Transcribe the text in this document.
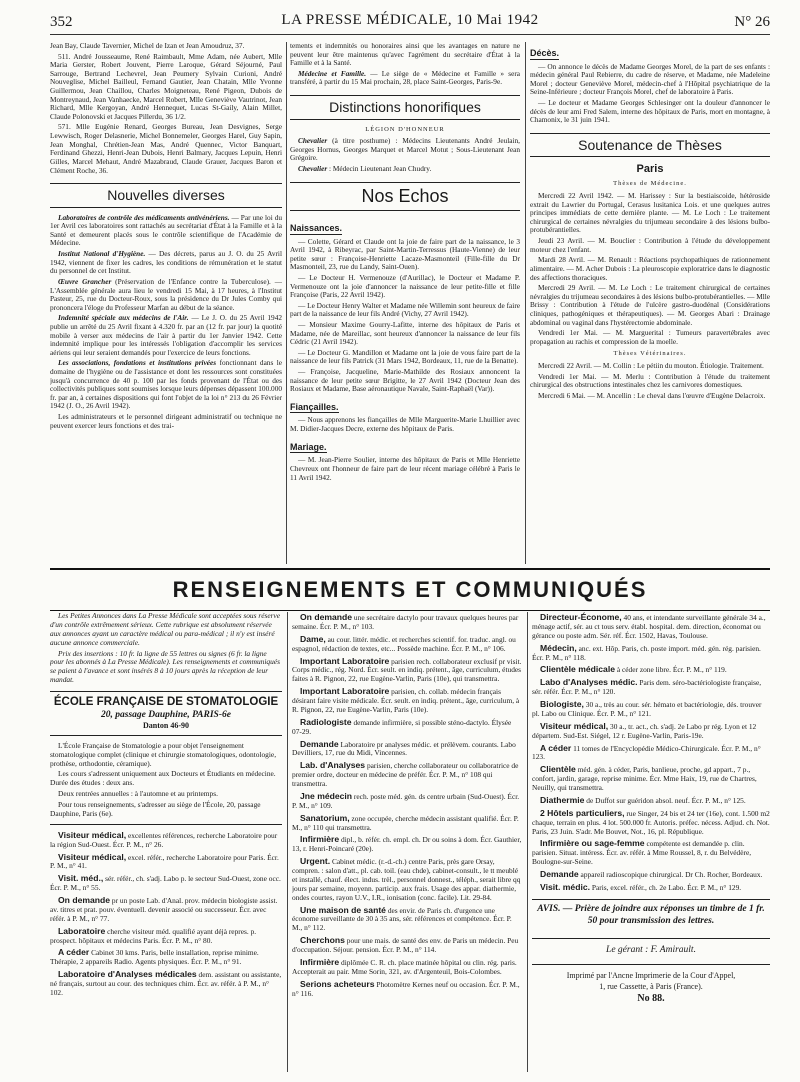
352	LA PRESSE MÉDICALE, 10 Mai 1942	N° 26

Jean Bay, Claude Tavernier, Michel de Izan et Jean Amoudruz, 37.

511. André Jousseaume, René Raimbault, Mme Adam, née Aubert, Mlle Maria Gerster, Robert Jouvent, Pierre Laroque, Gérard Séjourné, Paul Sarrouge, Bertrand Lechevrel, Jean Peumery Sylvain Curioni, André Nouveglise, Michel Bailleul, Fernand Gautier, Jean Chatain, Mlle Yvonne Guillermou, Jean Chaillou, Charles Moigneteau, René Pigeon, Dubois de Montreynaud, Jean Vanhaecke, Marcel Robert, Mlle Geneviève Vautrinot, Jean Richard, Mlle Kergoyan, André Hennequet, Lucas St-Gaily, Alain Millet, Claude Polonovski et Jacques Pillerdu, 36 1/2.

571. Mlle Eugénie Renard, Georges Bureau, Jean Desvignes, Serge Lewwisch, Roger Delasnerie, Michel Bonnemeler, Georges Harel, Guy Sapin, Jean Monghal, Chrétien-Jean Mas, André Quennec, Victor Banquart, Ferdinand Ghezzi, Henri-Jean Dubois, Henri Balmary, Jacques Lepuin, Henri Gilles, Marcel Mehaut, André Mazabraud, Claude Grauer, Jacques Baron et Clément Roche, 36.

Nouvelles diverses

Laboratoires de contrôle des médicaments antivénériens. — Par une loi du 1er Avril ces laboratoires sont rattachés au secrétariat d'État à la Famille et à la Santé et demeurent placés sous le contrôle scientifique de l'Académie de Médecine.

Institut National d'Hygiène. — Des décrets, parus au J. O. du 25 Avril 1942, viennent de fixer les cadres, les conditions de rémunération et le statut du personnel de cet Institut.

Œuvre Grancher (Préservation de l'Enfance contre la Tuberculose). — L'Assemblée générale aura lieu le vendredi 15 Mai, à 17 heures, à l'Institut Pasteur, 25, rue du Docteur-Roux, sous la présidence du Dr Jules Comby qui prononcera l'éloge du Professeur Marfan au début de la séance.

Indemnité spéciale aux médecins de l'Air. — Le J. O. du 25 Avril 1942 publie un arrêté du 25 Avril fixant à 4.320 fr. par an (12 fr. par jour) la quotité mobile à verser aux médecins de l'air à partir du 1er Janvier 1942. Cette indemnité implique pour les intéressés l'obligation d'accomplir les services aériens qui leur seraient demandés pour l'exercice de leurs fonctions.

Les associations, fondations et institutions privées fonctionnant dans le domaine de l'hygiène ou de l'assistance et dont les ressources sont constituées jusqu'à concurrence de 40 p. 100 par les fonds provenant de l'État ou des collectivités publiques sont soumises lorsque leurs dépenses dépassent 100.000 fr. par an, à certaines dispositions qui font l'objet de la loi n° 213 du 26 Février 1942 (J. O., 26 Avril 1942).

Les administrateurs et le personnel dirigeant administratif ou technique ne peuvent exercer leurs fonctions et des trai-

tements et indemnités ou honoraires ainsi que les avantages en nature ne peuvent leur être maintenus qu'avec l'agrément du secrétaire d'État à la Famille et à la Santé.

Médecine et Famille. — Le siège de « Médecine et Famille » sera transféré, à partir du 15 Mai prochain, 28, place Saint-Georges, Paris-9e.

Distinctions honorifiques
LÉGION D'HONNEUR

Chevalier (à titre posthume) : Médecins Lieutenants André Jeulain, Georges Hornus, Georges Marquet et Marcel Motut ; Sous-Lieutenant Jean Grégoire.

Chevalier : Médecin Lieutenant Jean Chudry.

Nos Echos
Naissances.

— Colette, Gérard et Claude ont la joie de faire part de la naissance, le 3 Avril 1942, à Ribeyrac, par Saint-Martin-Terressus (Haute-Vienne) de leur petite sœur : Françoise-Henriette Lacaze-Masmonteil (Fille-fille du Dr Masmonteil, 23, rue du Landy, Saint-Ouen).

— Le Docteur H. Vermenouze (d'Aurillac), le Docteur et Madame P. Vermenouze ont la joie d'annoncer la naissance de leur petite-fille et fille Françoise (Paris, 22 Avril 1942).

— Le Docteur Henry Walter et Madame née Willemin sont heureux de faire part de la naissance de leur fils André (Vichy, 27 Avril 1942).

— Monsieur Maxime Gourry-Lafitte, interne des hôpitaux de Paris et Madame, née de Mareillac, sont heureux d'annoncer la naissance de leur fils Cédric (21 Avril 1942).

— Le Docteur G. Mandillon et Madame ont la joie de vous faire part de la naissance de leur fils Patrick (31 Mars 1942, Bordeaux, 11, rue de la Benatte).

— Françoise, Jacqueline, Marie-Mathilde des Rosiaux annoncent la naissance de leur petite sœur Brigitte, le 27 Avril 1942 (Docteur Jean des Rosiaux et Madame, Base aéronautique Navale, Saint-Raphaël (Var)).

Fiançailles.

— Nous apprenons les fiançailles de Mlle Marguerite-Marie Lhuillier avec M. Didier-Jacques Decre, externe des hôpitaux de Paris.

Mariage.

— M. Jean-Pierre Soulier, interne des hôpitaux de Paris et Mlle Henriette Chevreux ont l'honneur de faire part de leur récent mariage célébré à Paris le 11 Avril 1942.

Décès.

— On annonce le décès de Madame Georges Morel, de la part de ses enfants : médecin général Paul Rebierre, du cadre de réserve, et Madame, née Madeleine Morel ; docteur Geneviève Morel, médecin-chef à l'Hôpital psychiatrique de la Seine-Inférieure ; docteur François Morel, chef de laboratoire à Paris.

— Le docteur et Madame Georges Schlesinger ont la douleur d'annoncer le décès de leur ami Fred Salem, interne des hôpitaux de Paris, mort en montagne, à Chamonix, le 31 juin 1941.

Soutenance de Thèses
Paris
Thèses de Médecine.

Mercredi 22 Avril 1942. — M. Harissey : Sur la bestiaiscoide, hétéroside extrait du Lawrier du Portugal, Cerasus lusitanica Lois. et une quelques autres principes immédiats de cette dernière plante. — M. Le Loch : Le traitement chirurgical de certaines névralgies du trijumeau secondaire à des lésions bulbo-protubérantielles.

Jeudi 23 Avril. — M. Bouclier : Contribution à l'étude du développement moteur chez l'enfant.

Mardi 28 Avril. — M. Renault : Réactions psychopathiques de rationnement alimentaire. — M. Acher Dubois : La pleuroscopie exploratrice dans le diagnostic des affections thoraciques.

Mercredi 29 Avril. — M. Le Loch : Le traitement chirurgical de certaines névralgies du trijumeau secondaires à des lésions bulbo-protubérantielles. — Mlle Brissy : Contribution à l'étude de l'ulcère gastro-duodénal (Considérations cliniques, pathogéniques et thérapeutiques). — M. Georges Abari : Drainage abdominal ou vaginal dans l'hystérectomie abdominale.

Vendredi 1er Mai. — M. Marguerital : Tumeurs paravertébrales avec propagation au rachis et compression de la moelle.

Thèses Vétérinaires.

Mercredi 22 Avril. — M. Collin : Le pétiin du mouton. Étiologie. Traitement.

Vendredi 1er Mai. — M. Merlu : Contribution à l'étude du traitement chirurgical des obstructions intestinales chez les carnivores domestiques.

Mercredi 6 Mai. — M. Ancellin : Le cheval dans l'œuvre d'Eugène Delacroix.

RENSEIGNEMENTS ET COMMUNIQUÉS

Les Petites Annonces dans La Presse Médicale sont acceptées sous réserve d'un contrôle extrêmement sérieux. Cette rubrique est absolument réservée aux annonces ayant un caractère médical ou para-médical ; il n'y est inséré aucune annonce commerciale.

Prix des insertions : 10 fr. la ligne de 55 lettres ou signes (6 fr. la ligne pour les abonnés à La Presse Médicale). Les renseignements et communiqués se paient à l'avance et sont insérés 8 à 10 jours après la réception de leur mandat.

ÉCOLE FRANÇAISE DE STOMATOLOGIE
20, passage Dauphine, PARIS-6e
Danton 46-90

L'École Française de Stomatologie a pour objet l'enseignement stomatologique complet (clinique et chirurgie stomatologiques, odontologie, prothèse, orthodontie, céramique).

Les cours s'adressent uniquement aux Docteurs et Étudiants en médecine. Durée des études : deux ans.

Deux rentrées annuelles : à l'automne et au printemps.

Pour tous renseignements, s'adresser au siège de l'École, 20, passage Dauphine, Paris (6e).

Visiteur médical, excellentes références, recherche Laboratoire pour la région Sud-Ouest. Écr. P. M., n° 26.

Visiteur médical, excel. référ., recherche Laboratoire pour Paris. Écr. P. M., n° 41.

Visit. méd., sér. référ., ch. s'adj. Labo p. le secteur Sud-Ouest, zone occ. Écr. P. M., n° 55.

On demande pr un poste Lab. d'Anal. prov. médecin biologiste assist. av. titres et prat. pouv. éventuell. devenir associé ou successeur. Écr. avec référ. à P. M., n° 77.

Laboratoire cherche visiteur méd. qualifié ayant déjà repres. p. prospect. hôpitaux et médecins Paris. Écr. P. M., n° 80.

A céder Cabinet 30 kms. Paris, belle installation, reprise minime. Thérapie, 2 appareils Radio. Agents physiques. Écr. P. M., n° 91.

Laboratoire d'Analyses médicales dem. assistant ou assistante, né français, surtout au cour. des techniques chim. Écr. av. référ. à P. M., n° 102.

On demande une secrétaire dactylo pour travaux quelques heures par semaine. Écr. P. M., n° 103.

Dame, au cour. littér. médic. et recherches scientif. for. traduc. angl. ou espagnol, rédaction de textes, etc... Possède machine. Écr. P. M., n° 106.

Important Laboratoire parisien rech. collaborateur exclusif pr visit. Corps médic., rég. Nord. Écr. seult. en indiq. prétent., âge, curriculum, études faites à R. Pignon, 22, rue Eugène-Varlin, Paris (10e), qui transmettra.

Important Laboratoire parisien, ch. collab. médecin français désirant faire visite médicale. Écr. seult. en indiq. prétent., âge, curriculum, à R. Pignon, 22, rue Eugène-Varlin, Paris (10e).

Radiologiste demande infirmière, si possible sténo-dactylo. Élysée 07-29.

Demande Laboratoire pr analyses médic. et prélèvem. courants. Labo Devilliers, 17, rue du Midi, Vincennes.

Lab. d'Analyses parisien, cherche collaborateur ou collaboratrice de premier ordre, docteur en médecine de préfér. Écr. P. M., n° 108 qui transmettra.

Jne médecin rech. poste méd. gén. ds centre urbain (Sud-Ouest). Écr. P. M., n° 109.

Sanatorium, zone occupée, cherche médecin assistant qualifié. Écr. P. M., n° 110 qui transmettra.

Infirmière dipl., b. référ. ch. empl. ch. Dr ou soins à dom. Écr. Gauthier, 13, r. Henri-Poincaré (20e).

Urgent. Cabinet médic. (r.-d.-ch.) centre Paris, près gare Orsay, compren. : salon d'att., pl. cab. toil. (eau chde), cabinet-consult., le tt meublé et installé, chauf. élect. indus. trèl., personnel donnest., téléph., serait libre qq jours par semaine, moyenn. particip. aux frais. Usage des appar. diathermie, ondes courtes, rayon U.V., I.R., ionisation (conc. facile). Lit. 29-84.

Une maison de santé des envir. de Paris ch. d'urgence une économe surveillante de 30 à 35 ans, sér. références et compétence. Écr. P. M., n° 112.

Cherchons pour une mais. de santé des env. de Paris un médecin. Peu d'occupation. Séjour. pension. Écr. P. M., n° 114.

Infirmière diplômée C. R. ch. place matinée hôpital ou clin. rég. paris. Accepterait au pair. Mme Sorin, 321, av. d'Argenteuil, Bois-Colombes.

Serions acheteurs Photomètre Kernes neuf ou occasion. Écr. P. M., n° 116.

Directeur-Économe, 40 ans, et intendante surveillante générale 34 a., ménage actif, sér. au ct tous serv. établ. hospital. dem. direction, économat ou gérance ou poste adm. Sér. réf. Écr. 1502, Havas, Toulouse.

Médecin, anc. ext. Hôp. Paris, ch. poste import. méd. gén. rég. parisien. Écr. P. M., n° 118.

Clientèle médicale à céder zone libre. Écr. P. M., n° 119.

Labo d'Analyses médic. Paris dem. séro-bactériologiste française, sér. référ. Écr. P. M., n° 120.

Biologiste, 30 a., très au cour. sér. hémato et bactériologie, dés. trouver pl. Labo ou Clinique. Écr. P. M., n° 121.

Visiteur médical, 30 a., tr. act., ch. s'adj. 2e Labo pr rég. Lyon et 12 départem. Sud-Est. Siégel, 12 r. Eugène-Varlin, Paris-19e.

A céder 11 tomes de l'Encyclopédie Médico-Chirurgicale. Écr. P. M., n° 123.

Clientèle méd. gén. à céder, Paris, banlieue, proche, gd appart., 7 p., confort, jardin, garage, reprise minime. Écr. Mme Haix, 19, rue de Chartres, Neuilly, qui transmettra.

Diathermie de Duffot sur guéridon absol. neuf. Écr. P. M., n° 125.

2 Hôtels particuliers, rue Singer, 24 bis et 24 ter (16e), cont. 1.500 m2 chaque, terrain en plus. 4 lot. 500.000 fr. Autoris. préfec. nécess. Adjud. ch. Not. Paris, 23 Juin. S'adr. Me Bouvet, Not., 16, pl. République.

Infirmière ou sage-femme compétente est demandée p. clin. parisien. Situat. intéress. Écr. av. référ. à Mme Roussel, 8, r. du Belvédère, Boulogne-sur-Seine.

Demande appareil radioscopique chirurgical. Dr Ch. Rocher, Bordeaux.

Visit. médic. Paris, excel. référ., ch. 2e Labo. Écr. P. M., n° 129.

AVIS. — Prière de joindre aux réponses un timbre de 1 fr. 50 pour transmission des lettres.
Le gérant : F. Amirault.
Imprimé par l'Ancne Imprimerie de la Cour d'Appel,
1, rue Cassette, à Paris (France).
No 88.
